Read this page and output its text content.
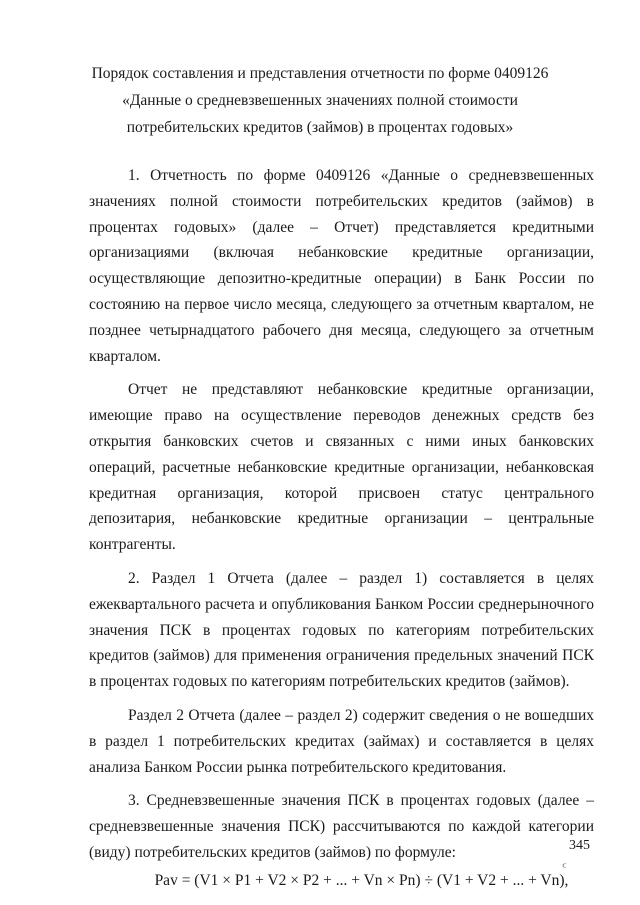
Порядок составления и представления отчетности по форме 0409126
«Данные о средневзвешенных значениях полной стоимости
потребительских кредитов (займов) в процентах годовых»

1. Отчетность по форме 0409126 «Данные о средневзвешенных значениях полной стоимости потребительских кредитов (займов) в процентах годовых» (далее – Отчет) представляется кредитными организациями (включая небанковские кредитные организации, осуществляющие депозитно-кредитные операции) в Банк России по состоянию на первое число месяца, следующего за отчетным кварталом, не позднее четырнадцатого рабочего дня месяца, следующего за отчетным кварталом.

Отчет не представляют небанковские кредитные организации, имеющие право на осуществление переводов денежных средств без открытия банковских счетов и связанных с ними иных банковских операций, расчетные небанковские кредитные организации, небанковская кредитная организация, которой присвоен статус центрального депозитария, небанковские кредитные организации – центральные контрагенты.

2. Раздел 1 Отчета (далее – раздел 1) составляется в целях ежеквартального расчета и опубликования Банком России среднерыночного значения ПСК в процентах годовых по категориям потребительских кредитов (займов) для применения ограничения предельных значений ПСК в процентах годовых по категориям потребительских кредитов (займов).

Раздел 2 Отчета (далее – раздел 2) содержит сведения о не вошедших в раздел 1 потребительских кредитах (займах) и составляется в целях анализа Банком России рынка потребительского кредитования.

3. Средневзвешенные значения ПСК в процентах годовых (далее – средневзвешенные значения ПСК) рассчитываются по каждой категории (виду) потребительских кредитов (займов) по формуле:

Pav = (V1 × P1 + V2 × P2 + ... + Vn × Pn) ÷ (V1 + V2 + ... + Vn),

345
ᑦ
